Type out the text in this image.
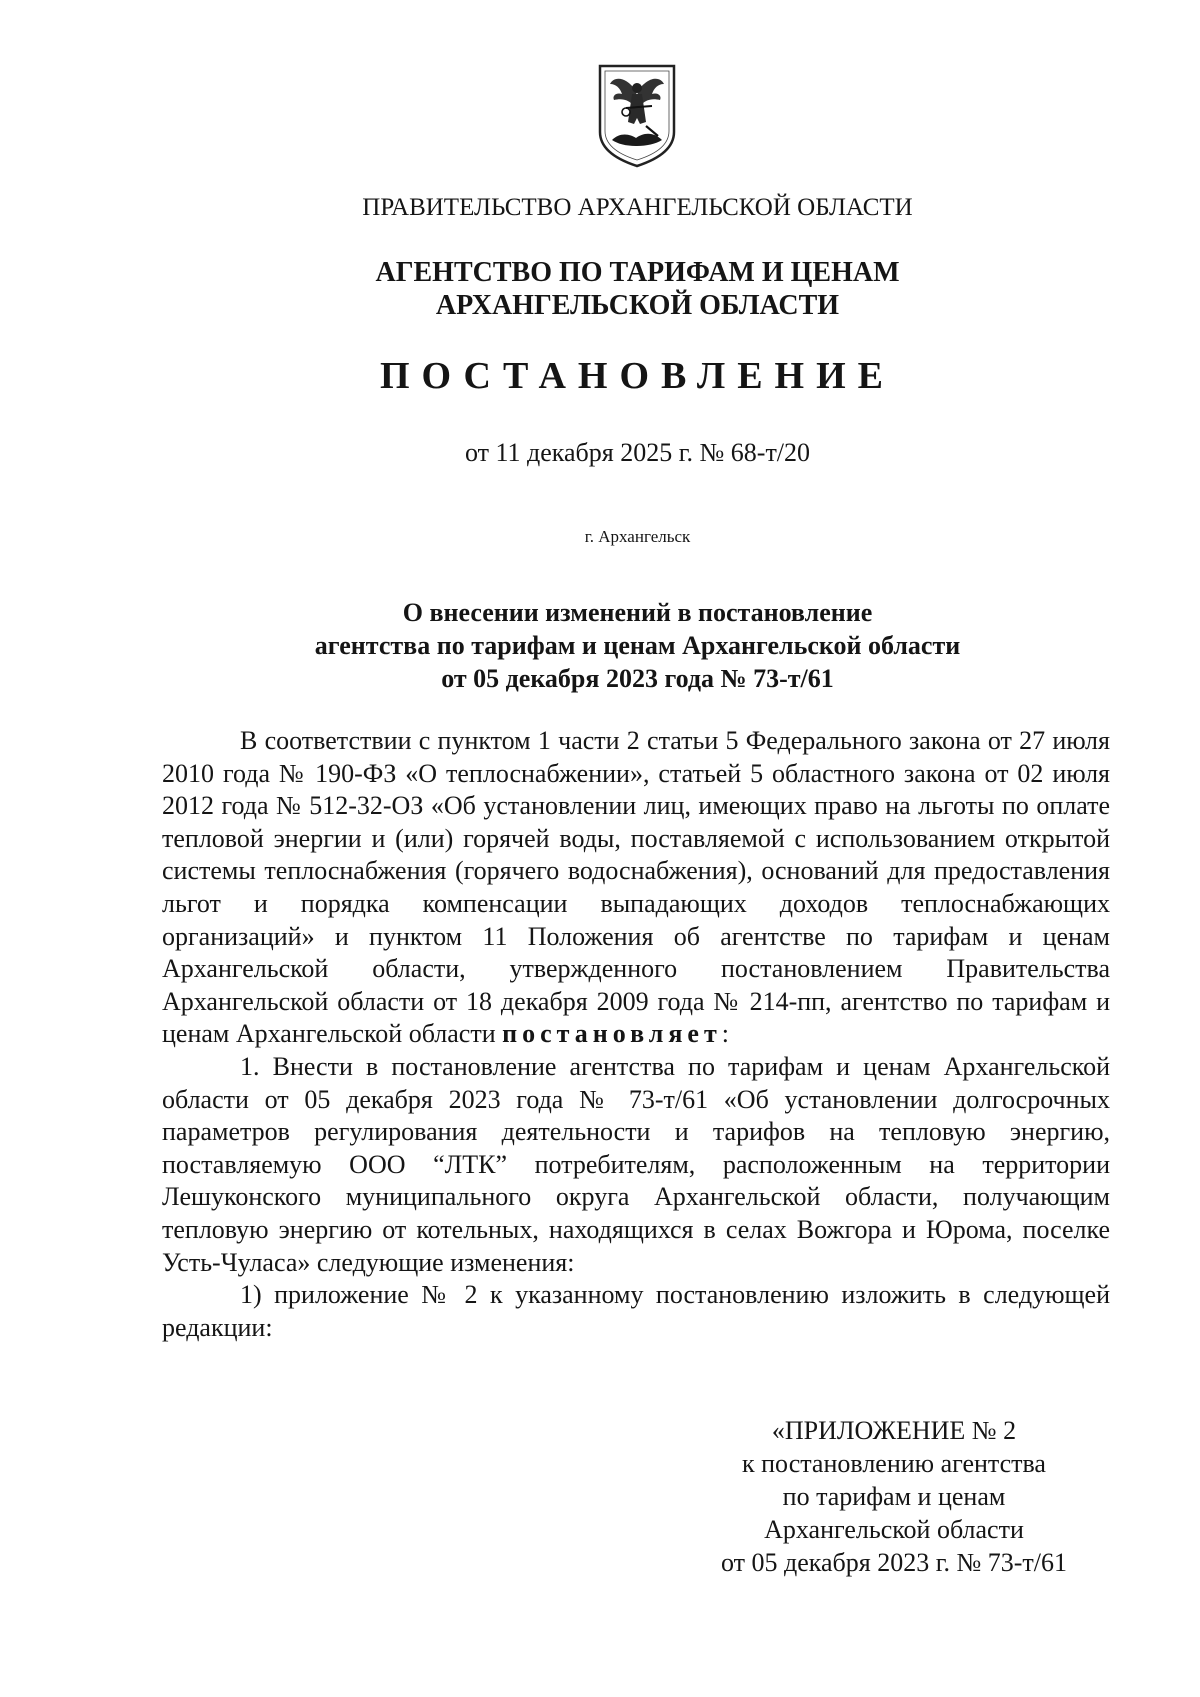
ПРАВИТЕЛЬСТВО АРХАНГЕЛЬСКОЙ ОБЛАСТИ
АГЕНТСТВО ПО ТАРИФАМ И ЦЕНАМ
АРХАНГЕЛЬСКОЙ ОБЛАСТИ
ПОСТАНОВЛЕНИЕ
от 11 декабря 2025 г. № 68-т/20
г. Архангельск
О внесении изменений в постановление
агентства по тарифам и ценам Архангельской области
от 05 декабря 2023 года № 73-т/61

В соответствии с пунктом 1 части 2 статьи 5 Федерального закона от 27 июля 2010 года № 190-ФЗ «О теплоснабжении», статьей 5 областного закона от 02 июля 2012 года № 512-32-ОЗ «Об установлении лиц, имеющих право на льготы по оплате тепловой энергии и (или) горячей воды, поставляемой с использованием открытой системы теплоснабжения (горячего водоснабжения), оснований для предоставления льгот и порядка компенсации выпадающих доходов теплоснабжающих организаций» и пунктом 11 Положения об агентстве по тарифам и ценам Архангельской области, утвержденного постановлением Правительства Архангельской области от 18 декабря 2009 года № 214-пп, агентство по тарифам и ценам Архангельской области постановляет:

1. Внести в постановление агентства по тарифам и ценам Архангельской области от 05 декабря 2023 года № 73-т/61 «Об установлении долгосрочных параметров регулирования деятельности и тарифов на тепловую энергию, поставляемую ООО “ЛТК” потребителям, расположенным на территории Лешуконского муниципального округа Архангельской области, получающим тепловую энергию от котельных, находящихся в селах Вожгора и Юрома, поселке Усть-Чуласа» следующие изменения:

1) приложение № 2 к указанному постановлению изложить в следующей редакции:

«ПРИЛОЖЕНИЕ № 2
к постановлению агентства
по тарифам и ценам
Архангельской области
от 05 декабря 2023 г. № 73-т/61
